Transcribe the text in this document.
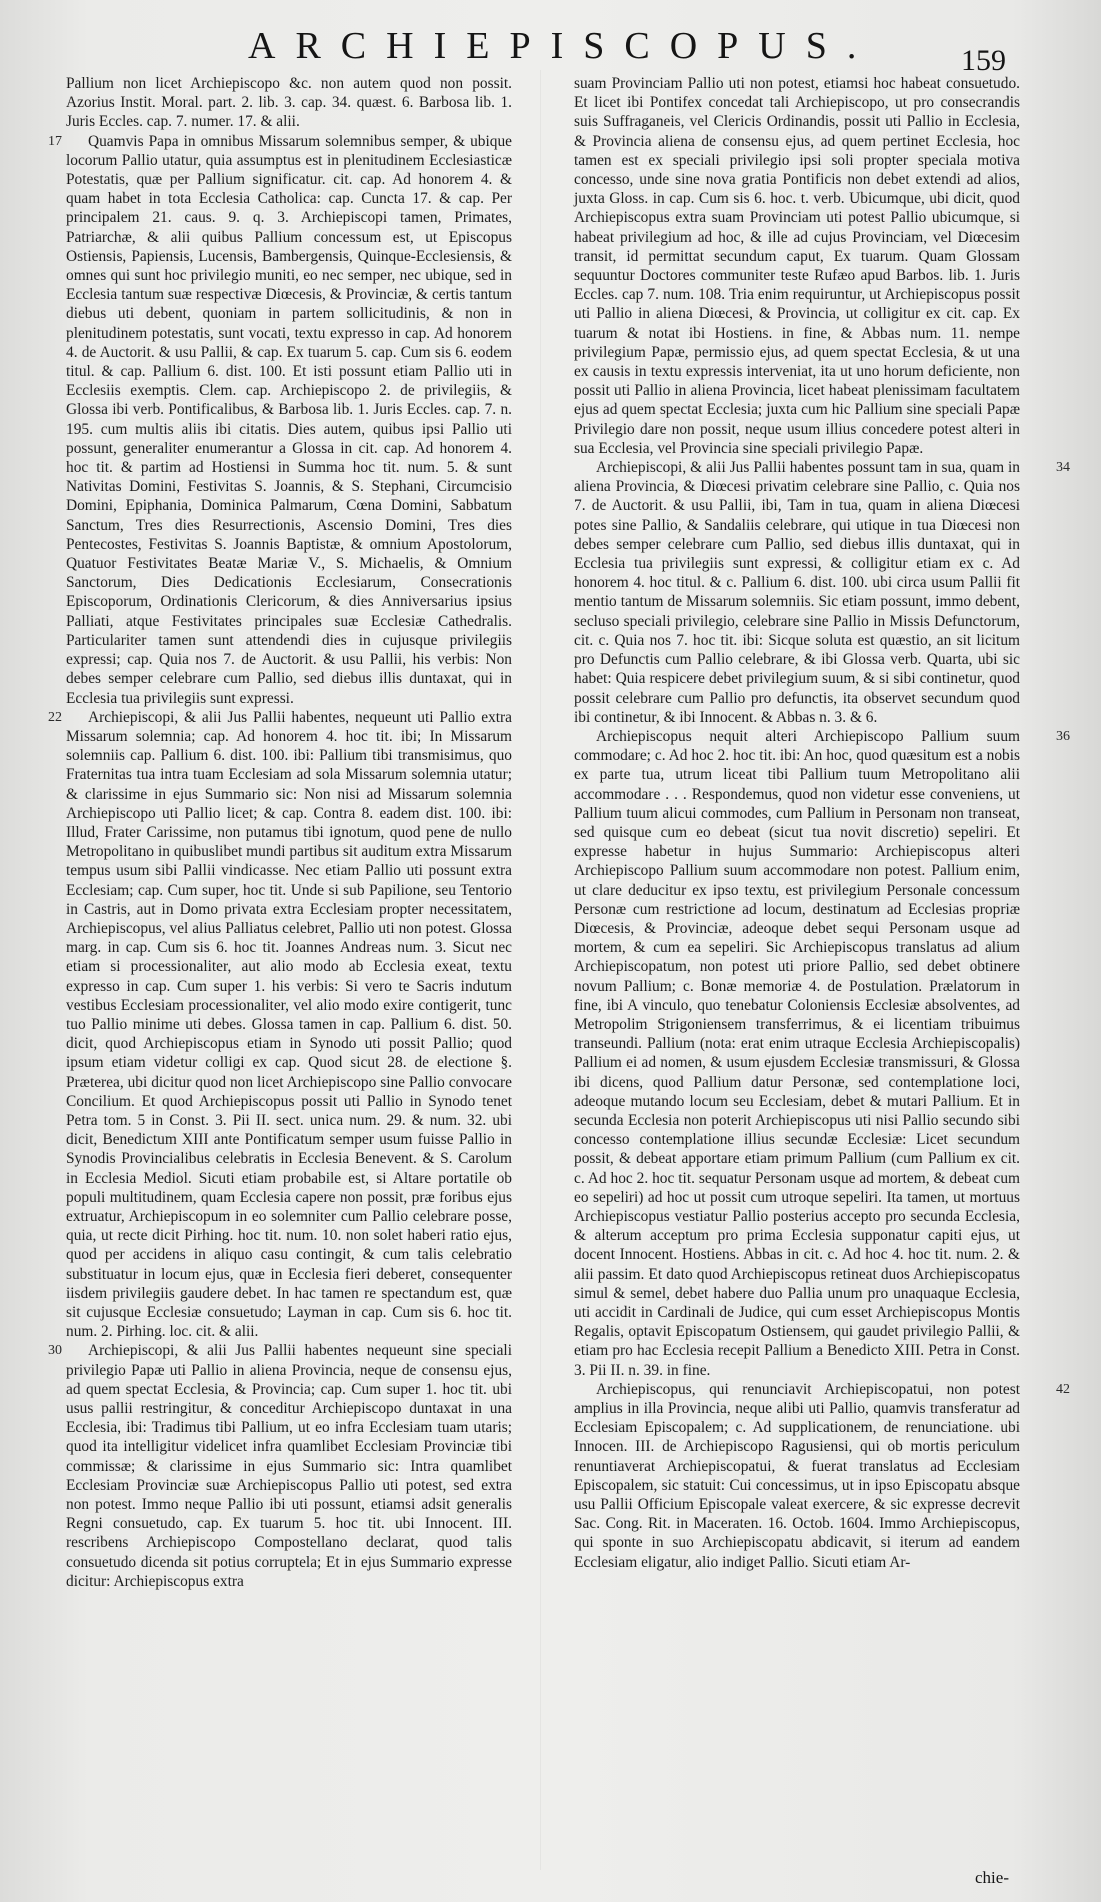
ARCHIEPISCOPUS.	159

Pallium non licet Archiepiscopo &c. non autem quod non possit. Azorius Instit. Moral. part. 2. lib. 3. cap. 34. quæst. 6. Barbosa lib. 1. Juris Eccles. cap. 7. numer. 17. & alii.

17 Quamvis Papa in omnibus Missarum solemnibus semper, & ubique locorum Pallio utatur, quia assumptus est in plenitudinem Ecclesiasticæ Potestatis, quæ per Pallium significatur. cit. cap. Ad honorem 4. & quam habet in tota Ecclesia Catholica: cap. Cuncta 17. & cap. Per principalem 21. caus. 9. q. 3. Archiepiscopi tamen, Primates, Patriarchæ, & alii quibus Pallium concessum est, ut Episcopus Ostiensis, Papiensis, Lucensis, Bambergensis, Quinque-Ecclesiensis, & omnes qui sunt hoc privilegio muniti, eo nec semper, nec ubique, sed in Ecclesia tantum suæ respectivæ Diœcesis, & Provinciæ, & certis tantum diebus uti debent, quoniam in partem sollicitudinis, & non in plenitudinem potestatis, sunt vocati, textu expresso in cap. Ad honorem 4. de Auctorit. & usu Pallii, & cap. Ex tuarum 5. cap. Cum sis 6. eodem titul. & cap. Pallium 6. dist. 100. Et isti possunt etiam Pallio uti in Ecclesiis exemptis. Clem. cap. Archiepiscopo 2. de privilegiis, & Glossa ibi verb. Pontificalibus, & Barbosa lib. 1. Juris Eccles. cap. 7. n. 195. cum multis aliis ibi citatis. Dies autem, quibus ipsi Pallio uti possunt, generaliter enumerantur a Glossa in cit. cap. Ad honorem 4. hoc tit. & partim ad Hostiensi in Summa hoc tit. num. 5. & sunt Nativitas Domini, Festivitas S. Joannis, & S. Stephani, Circumcisio Domini, Epiphania, Dominica Palmarum, Cœna Domini, Sabbatum Sanctum, Tres dies Resurrectionis, Ascensio Domini, Tres dies Pentecostes, Festivitas S. Joannis Baptistæ, & omnium Apostolorum, Quatuor Festivitates Beatæ Mariæ V., S. Michaelis, & Omnium Sanctorum, Dies Dedicationis Ecclesiarum, Consecrationis Episcoporum, Ordinationis Clericorum, & dies Anniversarius ipsius Palliati, atque Festivitates principales suæ Ecclesiæ Cathedralis. Particulariter tamen sunt attendendi dies in cujusque privilegiis expressi; cap. Quia nos 7. de Auctorit. & usu Pallii, his verbis: Non debes semper celebrare cum Pallio, sed diebus illis duntaxat, qui in Ecclesia tua privilegiis sunt expressi.

22 Archiepiscopi, & alii Jus Pallii habentes, nequeunt uti Pallio extra Missarum solemnia; cap. Ad honorem 4. hoc tit. ibi; In Missarum solemniis cap. Pallium 6. dist. 100. ibi: Pallium tibi transmisimus, quo Fraternitas tua intra tuam Ecclesiam ad sola Missarum solemnia utatur; & clarissime in ejus Summario sic: Non nisi ad Missarum solemnia Archiepiscopo uti Pallio licet; & cap. Contra 8. eadem dist. 100. ibi: Illud, Frater Carissime, non putamus tibi ignotum, quod pene de nullo Metropolitano in quibuslibet mundi partibus sit auditum extra Missarum tempus usum sibi Pallii vindicasse. Nec etiam Pallio uti possunt extra Ecclesiam; cap. Cum super, hoc tit. Unde si sub Papilione, seu Tentorio in Castris, aut in Domo privata extra Ecclesiam propter necessitatem, Archiepiscopus, vel alius Palliatus celebret, Pallio uti non potest. Glossa marg. in cap. Cum sis 6. hoc tit. Joannes Andreas num. 3. Sicut nec etiam si processionaliter, aut alio modo ab Ecclesia exeat, textu expresso in cap. Cum super 1. his verbis: Si vero te Sacris indutum vestibus Ecclesiam processionaliter, vel alio modo exire contigerit, tunc tuo Pallio minime uti debes. Glossa tamen in cap. Pallium 6. dist. 50. dicit, quod Archiepiscopus etiam in Synodo uti possit Pallio; quod ipsum etiam videtur colligi ex cap. Quod sicut 28. de electione §. Præterea, ubi dicitur quod non licet Archiepiscopo sine Pallio convocare Concilium. Et quod Archiepiscopus possit uti Pallio in Synodo tenet Petra tom. 5 in Const. 3. Pii II. sect. unica num. 29. & num. 32. ubi dicit, Benedictum XIII ante Pontificatum semper usum fuisse Pallio in Synodis Provincialibus celebratis in Ecclesia Benevent. & S. Carolum in Ecclesia Mediol. Sicuti etiam probabile est, si Altare portatile ob populi multitudinem, quam Ecclesia capere non possit, præ foribus ejus extruatur, Archiepiscopum in eo solemniter cum Pallio celebrare posse, quia, ut recte dicit Pirhing. hoc tit. num. 10. non solet haberi ratio ejus, quod per accidens in aliquo casu contingit, & cum talis celebratio substituatur in locum ejus, quæ in Ecclesia fieri deberet, consequenter iisdem privilegiis gaudere debet. In hac tamen re spectandum est, quæ sit cujusque Ecclesiæ consuetudo; Layman in cap. Cum sis 6. hoc tit. num. 2. Pirhing. loc. cit. & alii.

30 Archiepiscopi, & alii Jus Pallii habentes nequeunt sine speciali privilegio Papæ uti Pallio in aliena Provincia, neque de consensu ejus, ad quem spectat Ecclesia, & Provincia; cap. Cum super 1. hoc tit. ubi usus pallii restringitur, & conceditur Archiepiscopo duntaxat in una Ecclesia, ibi: Tradimus tibi Pallium, ut eo infra Ecclesiam tuam utaris; quod ita intelligitur videlicet infra quamlibet Ecclesiam Provinciæ tibi commissæ; & clarissime in ejus Summario sic: Intra quamlibet Ecclesiam Provinciæ suæ Archiepiscopus Pallio uti potest, sed extra non potest. Immo neque Pallio ibi uti possunt, etiamsi adsit generalis Regni consuetudo, cap. Ex tuarum 5. hoc tit. ubi Innocent. III. rescribens Archiepiscopo Compostellano declarat, quod talis consuetudo dicenda sit potius corruptela; Et in ejus Summario expresse dicitur: Archiepiscopus extra

suam Provinciam Pallio uti non potest, etiamsi hoc habeat consuetudo. Et licet ibi Pontifex concedat tali Archiepiscopo, ut pro consecrandis suis Suffraganeis, vel Clericis Ordinandis, possit uti Pallio in Ecclesia, & Provincia aliena de consensu ejus, ad quem pertinet Ecclesia, hoc tamen est ex speciali privilegio ipsi soli propter speciala motiva concesso, unde sine nova gratia Pontificis non debet extendi ad alios, juxta Gloss. in cap. Cum sis 6. hoc. t. verb. Ubicumque, ubi dicit, quod Archiepiscopus extra suam Provinciam uti potest Pallio ubicumque, si habeat privilegium ad hoc, & ille ad cujus Provinciam, vel Diœcesim transit, id permittat secundum caput, Ex tuarum. Quam Glossam sequuntur Doctores communiter teste Rufæo apud Barbos. lib. 1. Juris Eccles. cap 7. num. 108. Tria enim requiruntur, ut Archiepiscopus possit uti Pallio in aliena Diœcesi, & Provincia, ut colligitur ex cit. cap. Ex tuarum & notat ibi Hostiens. in fine, & Abbas num. 11. nempe privilegium Papæ, permissio ejus, ad quem spectat Ecclesia, & ut una ex causis in textu expressis interveniat, ita ut uno horum deficiente, non possit uti Pallio in aliena Provincia, licet habeat plenissimam facultatem ejus ad quem spectat Ecclesia; juxta cum hic Pallium sine speciali Papæ Privilegio dare non possit, neque usum illius concedere potest alteri in sua Ecclesia, vel Provincia sine speciali privilegio Papæ.

34
Archiepiscopi, & alii Jus Pallii habentes possunt tam in sua, quam in aliena Provincia, & Diœcesi privatim celebrare sine Pallio, c. Quia nos 7. de Auctorit. & usu Pallii, ibi, Tam in tua, quam in aliena Diœcesi potes sine Pallio, & Sandaliis celebrare, qui utique in tua Diœcesi non debes semper celebrare cum Pallio, sed diebus illis duntaxat, qui in Ecclesia tua privilegiis sunt expressi, & colligitur etiam ex c. Ad honorem 4. hoc titul. & c. Pallium 6. dist. 100. ubi circa usum Pallii fit mentio tantum de Missarum solemniis. Sic etiam possunt, immo debent, secluso speciali privilegio, celebrare sine Pallio in Missis Defunctorum, cit. c. Quia nos 7. hoc tit. ibi: Sicque soluta est quæstio, an sit licitum pro Defunctis cum Pallio celebrare, & ibi Glossa verb. Quarta, ubi sic habet: Quia respicere debet privilegium suum, & si sibi continetur, quod possit celebrare cum Pallio pro defunctis, ita observet secundum quod ibi continetur, & ibi Innocent. & Abbas n. 3. & 6.

36
Archiepiscopus nequit alteri Archiepiscopo Pallium suum commodare; c. Ad hoc 2. hoc tit. ibi: An hoc, quod quæsitum est a nobis ex parte tua, utrum liceat tibi Pallium tuum Metropolitano alii accommodare . . . Respondemus, quod non videtur esse conveniens, ut Pallium tuum alicui commodes, cum Pallium in Personam non transeat, sed quisque cum eo debeat (sicut tua novit discretio) sepeliri. Et expresse habetur in hujus Summario: Archiepiscopus alteri Archiepiscopo Pallium suum accommodare non potest. Pallium enim, ut clare deducitur ex ipso textu, est privilegium Personale concessum Personæ cum restrictione ad locum, destinatum ad Ecclesias propriæ Diœcesis, & Provinciæ, adeoque debet sequi Personam usque ad mortem, & cum ea sepeliri. Sic Archiepiscopus translatus ad alium Archiepiscopatum, non potest uti priore Pallio, sed debet obtinere novum Pallium; c. Bonæ memoriæ 4. de Postulation. Prælatorum in fine, ibi A vinculo, quo tenebatur Coloniensis Ecclesiæ absolventes, ad Metropolim Strigoniensem transferrimus, & ei licentiam tribuimus transeundi. Pallium (nota: erat enim utraque Ecclesia Archiepiscopalis) Pallium ei ad nomen, & usum ejusdem Ecclesiæ transmissuri, & Glossa ibi dicens, quod Pallium datur Personæ, sed contemplatione loci, adeoque mutando locum seu Ecclesiam, debet & mutari Pallium. Et in secunda Ecclesia non poterit Archiepiscopus uti nisi Pallio secundo sibi concesso contemplatione illius secundæ Ecclesiæ: Licet secundum possit, & debeat apportare etiam primum Pallium (cum Pallium ex cit. c. Ad hoc 2. hoc tit. sequatur Personam usque ad mortem, & debeat cum eo sepeliri) ad hoc ut possit cum utroque sepeliri. Ita tamen, ut mortuus Archiepiscopus vestiatur Pallio posterius accepto pro secunda Ecclesia, & alterum acceptum pro prima Ecclesia supponatur capiti ejus, ut docent Innocent. Hostiens. Abbas in cit. c. Ad hoc 4. hoc tit. num. 2. & alii passim. Et dato quod Archiepiscopus retineat duos Archiepiscopatus simul & semel, debet habere duo Pallia unum pro unaquaque Ecclesia, uti accidit in Cardinali de Judice, qui cum esset Archiepiscopus Montis Regalis, optavit Episcopatum Ostiensem, qui gaudet privilegio Pallii, & etiam pro hac Ecclesia recepit Pallium a Benedicto XIII. Petra in Const. 3. Pii II. n. 39. in fine.

42
Archiepiscopus, qui renunciavit Archiepiscopatui, non potest amplius in illa Provincia, neque alibi uti Pallio, quamvis transferatur ad Ecclesiam Episcopalem; c. Ad supplicationem, de renunciatione. ubi Innocen. III. de Archiepiscopo Ragusiensi, qui ob mortis periculum renuntiaverat Archiepiscopatui, & fuerat translatus ad Ecclesiam Episcopalem, sic statuit: Cui concessimus, ut in ipso Episcopatu absque usu Pallii Officium Episcopale valeat exercere, & sic expresse decrevit Sac. Cong. Rit. in Maceraten. 16. Octob. 1604. Immo Archiepiscopus, qui sponte in suo Archiepiscopatu abdicavit, si iterum ad eandem Ecclesiam eligatur, alio indiget Pallio. Sicuti etiam Ar-

chie-
